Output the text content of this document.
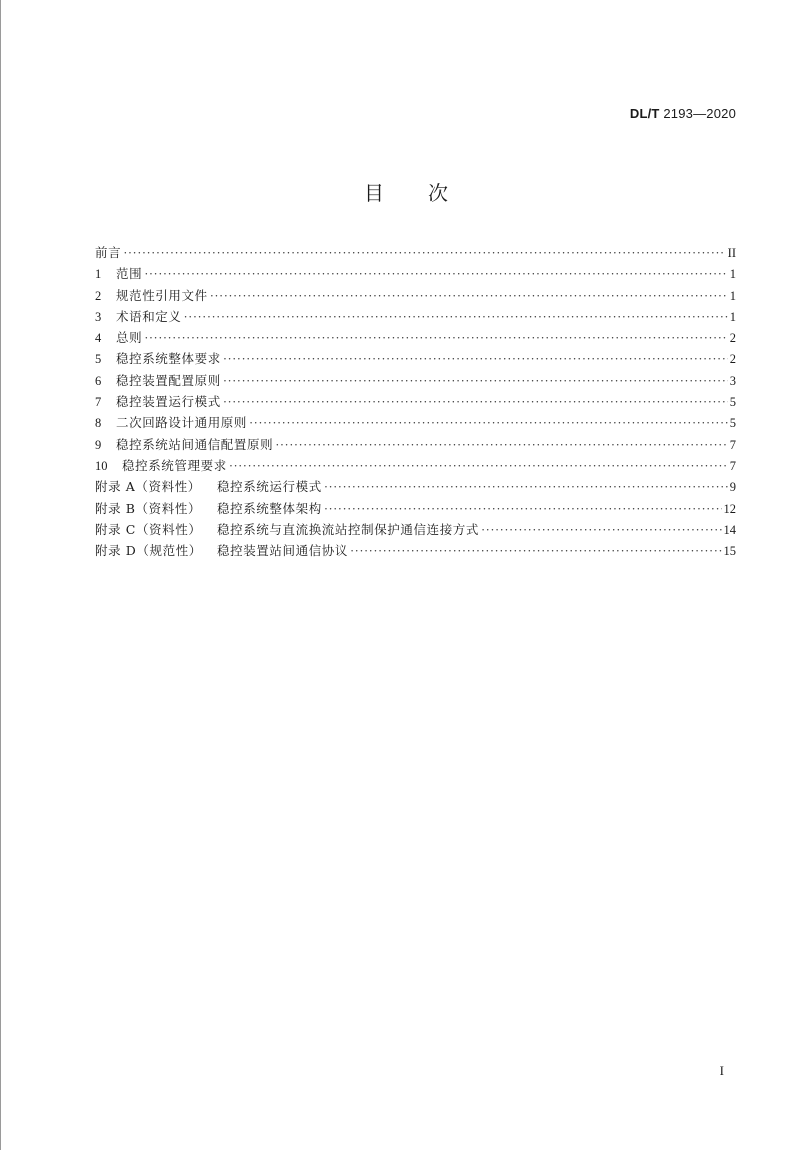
DL/T 2193—2020
目 次
前言 ·····	II
1	范围 ·····	1
2	规范性引用文件 ·····	1
3	术语和定义 ·····	1
4	总则 ·····	2
5	稳控系统整体要求 ·····	2
6	稳控装置配置原则 ·····	3
7	稳控装置运行模式 ·····	5
8	二次回路设计通用原则 ·····	5
9	稳控系统站间通信配置原则 ·····	7
10	稳控系统管理要求 ·····	7
附录 A（资料性）	稳控系统运行模式 ·····	9
附录 B（资料性）	稳控系统整体架构 ·····	12
附录 C（资料性）	稳控系统与直流换流站控制保护通信连接方式 ·····	14
附录 D（规范性）	稳控装置站间通信协议 ·····	15
I
